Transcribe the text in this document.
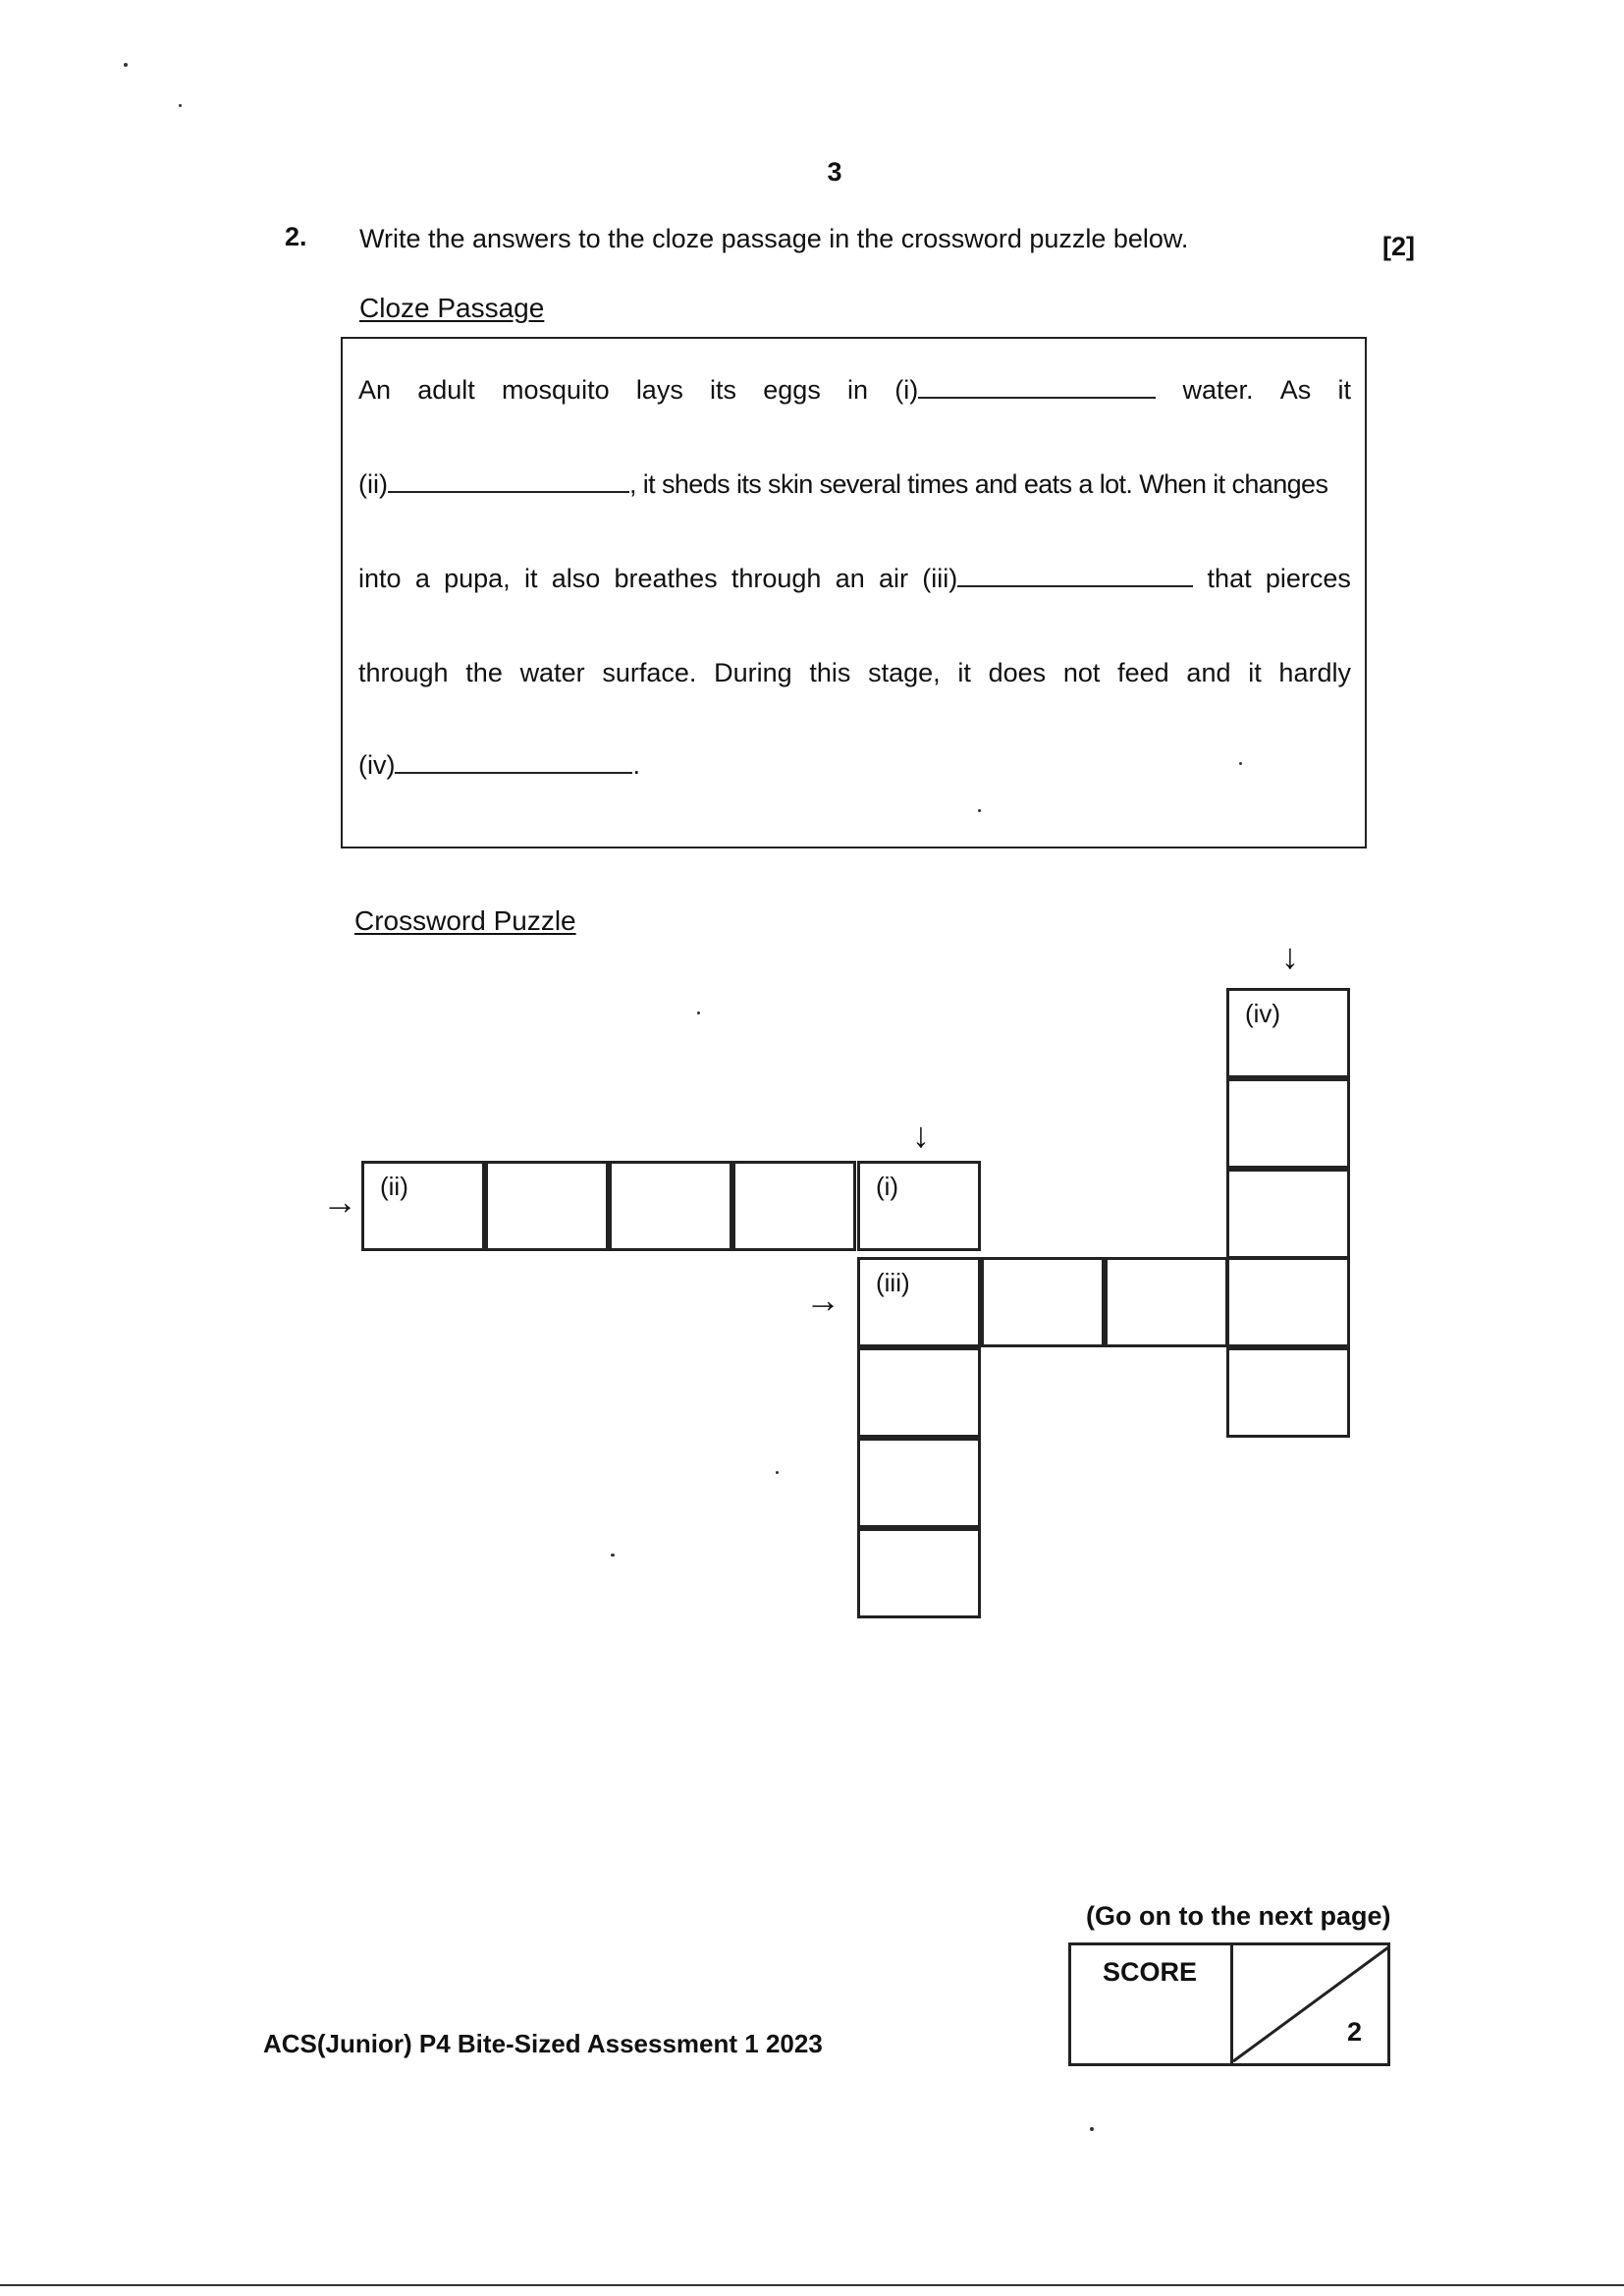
3
2. Write the answers to the cloze passage in the crossword puzzle below.	[2]
Cloze Passage
An adult mosquito lays its eggs in (i)	water. As it
(ii)	, it sheds its skin several times and eats a lot. When it changes
into a pupa, it also breathes through an air (iii)	that pierces
through the water surface. During this stage, it does not feed and it hardly
(iv)	.
Crossword Puzzle
↓
↓
→
→
(ii)	(i)
(iii)
(iv)
(Go on to the next page)
SCORE
2
ACS(Junior) P4 Bite-Sized Assessment 1 2023
